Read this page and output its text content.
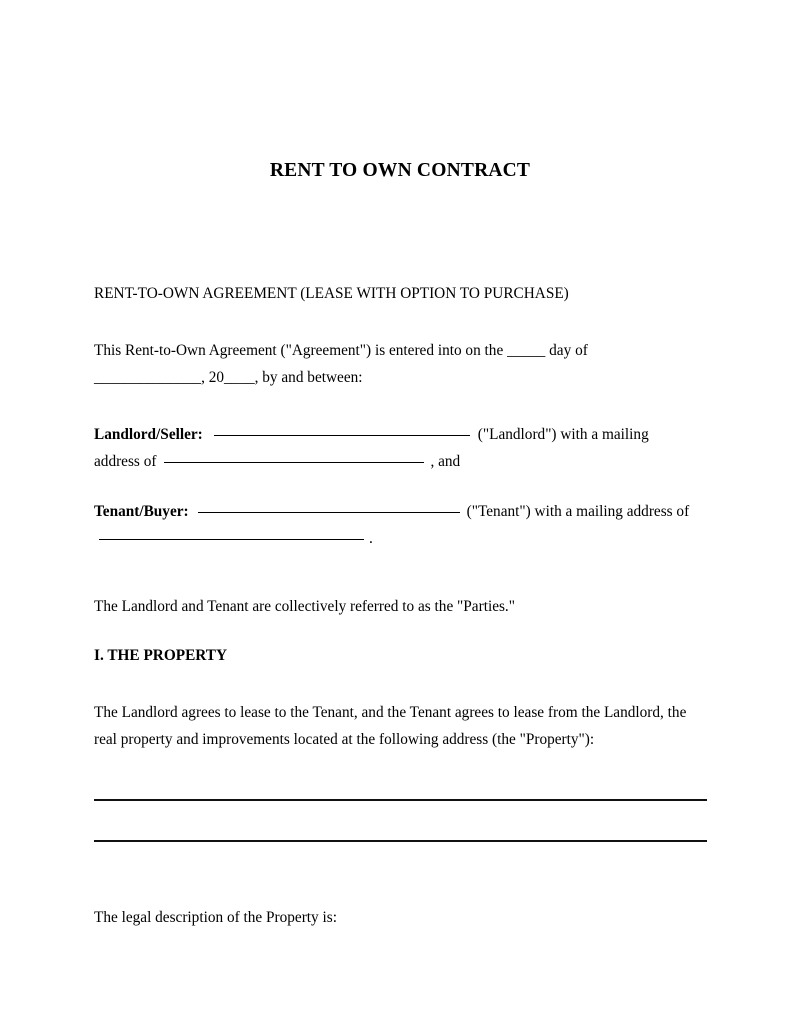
RENT TO OWN CONTRACT

RENT-TO-OWN AGREEMENT (LEASE WITH OPTION TO PURCHASE)

This Rent-to-Own Agreement ("Agreement") is entered into on the _____ day of
______________, 20____, by and between:

Landlord/Seller:	("Landlord") with a mailing
address of	, and

Tenant/Buyer:	("Tenant") with a mailing address of
.

The Landlord and Tenant are collectively referred to as the "Parties."

I. THE PROPERTY

The Landlord agrees to lease to the Tenant, and the Tenant agrees to lease from the Landlord, the
real property and improvements located at the following address (the "Property"):

The legal description of the Property is:
